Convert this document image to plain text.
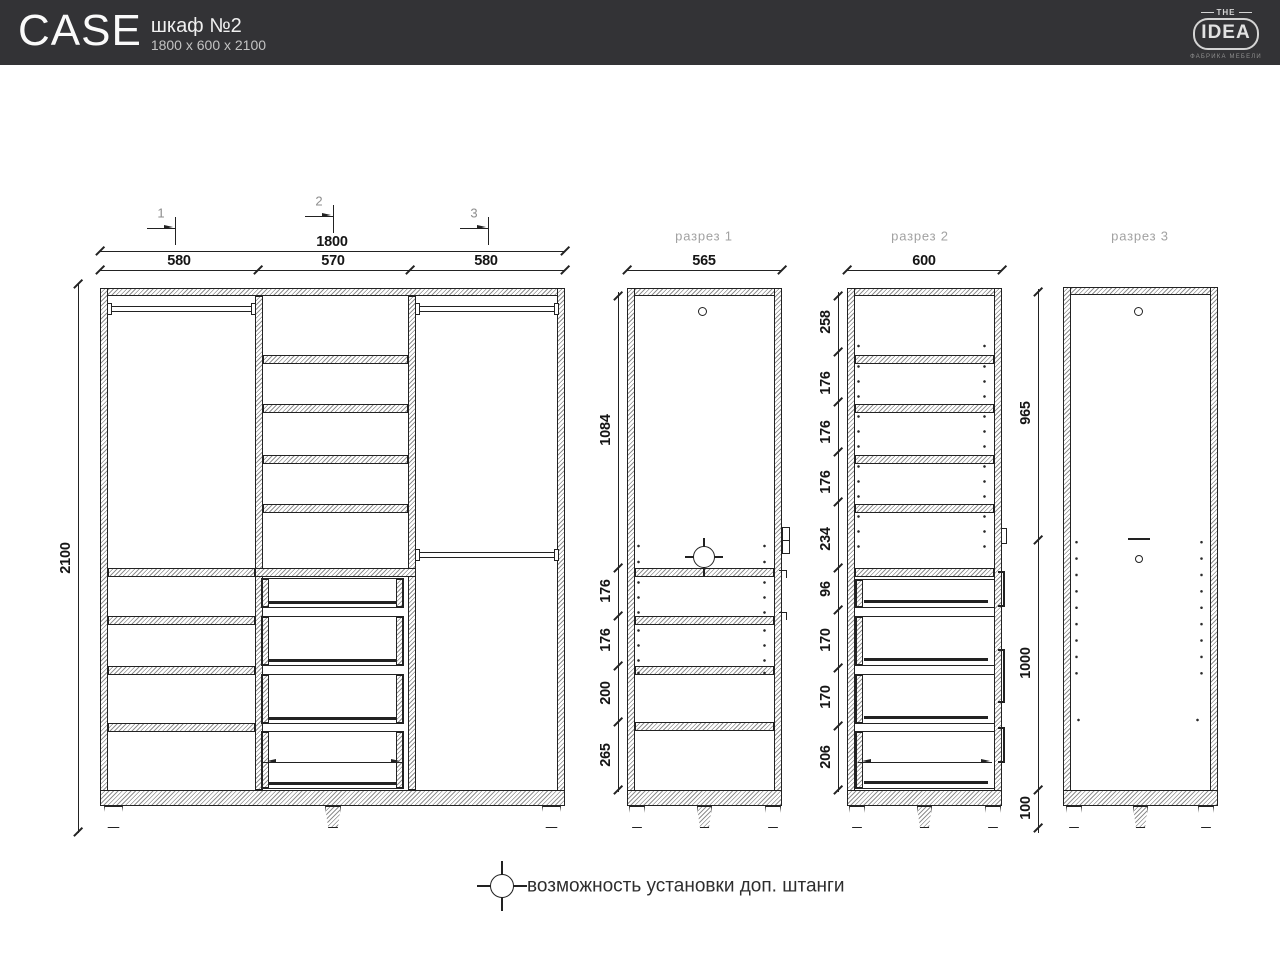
CASE шкаф №2
1800 x 600 x 2100
THE
IDEA
ФАБРИКА МЕБЕЛИ
1
2
3
1800
580	570	580
2100
разрез 1
565
1084
176
176
200
265
разрез 2
600
258
176
176
176
234
96
170
170
206
разрез 3
965
1000
100
возможность установки доп. штанги
